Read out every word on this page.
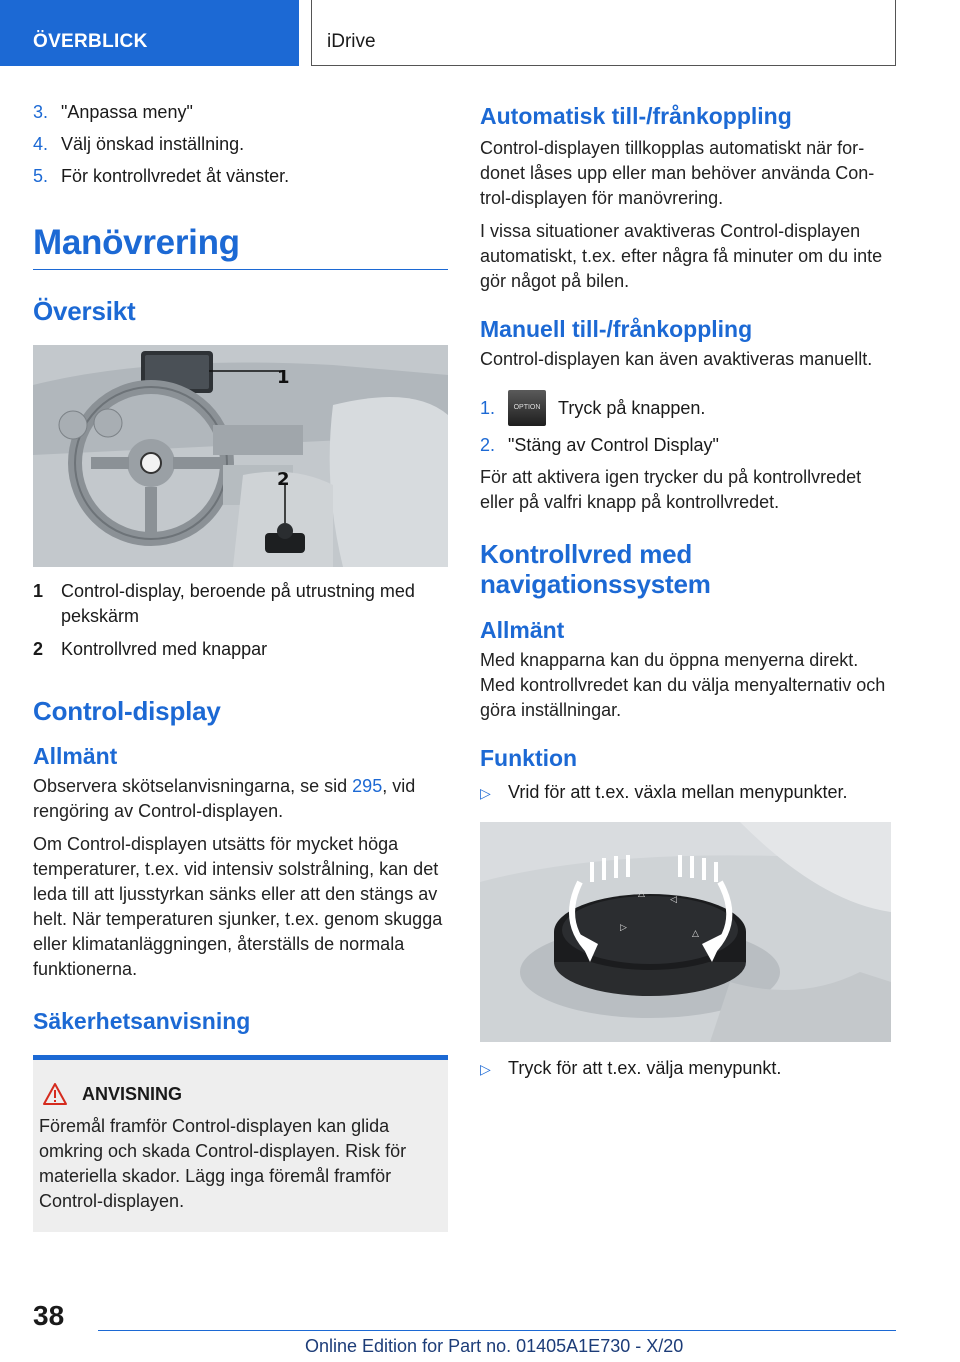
ÖVERBLICK	iDrive
3. "Anpassa meny"
4. Välj önskad inställning.
5. För kontrollvredet åt vänster.
Manövrering
Översikt
1
2
1 Control-display, beroende på utrustning med pekskärm
2 Kontrollvred med knappar
Control-display
Allmänt

Observera skötselanvisningarna, se sid 295, vid rengöring av Control-displayen.

Om Control-displayen utsätts för mycket höga temperaturer, t.ex. vid intensiv solstrålning, kan det leda till att ljusstyrkan sänks eller att den stängs av helt. När temperaturen sjunker, t.ex. genom skugga eller klimatanläggningen, återställs de normala funktionerna.

Säkerhetsanvisning
ANVISNING

Föremål framför Control-displayen kan glida omkring och skada Control-displayen. Risk för materiella skador. Lägg inga föremål framför Control-displayen.

Automatisk till-/frånkoppling

Control-displayen tillkopplas automatiskt när fordonet låses upp eller man behöver använda Control-displayen för manövrering.

I vissa situationer avaktiveras Control-displayen automatiskt, t.ex. efter några få minuter om du inte gör något på bilen.

Manuell till-/frånkoppling

Control-displayen kan även avaktiveras manuellt.

1.	OPTION Tryck på knappen.
2. "Stäng av Control Display"

För att aktivera igen trycker du på kontrollvredet eller på valfri knapp på kontrollvredet.

Kontrollvred med navigationssystem
Allmänt

Med knapparna kan du öppna menyerna direkt. Med kontrollvredet kan du välja menyalternativ och göra inställningar.

Funktion
▷ Vrid för att t.ex. växla mellan menypunkter.
△
◁
▷
△
▷ Tryck för att t.ex. välja menypunkt.
38
Online Edition for Part no. 01405A1E730 - X/20
